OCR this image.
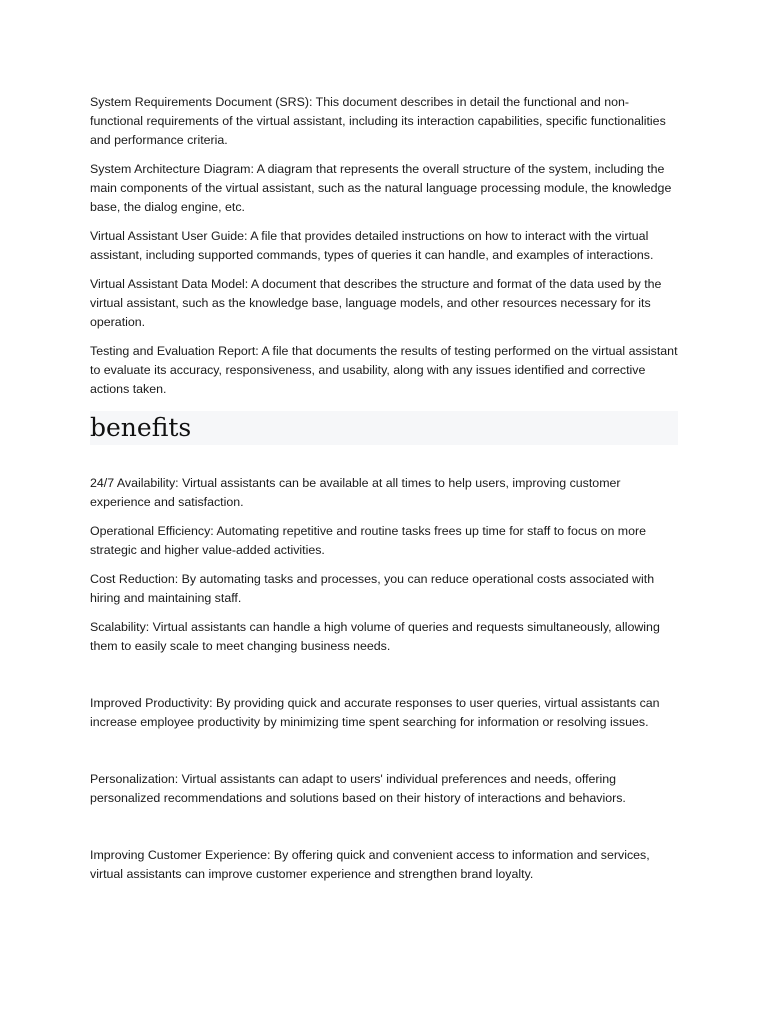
System Requirements Document (SRS): This document describes in detail the functional and non-functional requirements of the virtual assistant, including its interaction capabilities, specific functionalities and performance criteria.

System Architecture Diagram: A diagram that represents the overall structure of the system, including the main components of the virtual assistant, such as the natural language processing module, the knowledge base, the dialog engine, etc.

Virtual Assistant User Guide: A file that provides detailed instructions on how to interact with the virtual assistant, including supported commands, types of queries it can handle, and examples of interactions.

Virtual Assistant Data Model: A document that describes the structure and format of the data used by the virtual assistant, such as the knowledge base, language models, and other resources necessary for its operation.

Testing and Evaluation Report: A file that documents the results of testing performed on the virtual assistant to evaluate its accuracy, responsiveness, and usability, along with any issues identified and corrective actions taken.

benefits

24/7 Availability: Virtual assistants can be available at all times to help users, improving customer experience and satisfaction.

Operational Efficiency: Automating repetitive and routine tasks frees up time for staff to focus on more strategic and higher value-added activities.

Cost Reduction: By automating tasks and processes, you can reduce operational costs associated with hiring and maintaining staff.

Scalability: Virtual assistants can handle a high volume of queries and requests simultaneously, allowing them to easily scale to meet changing business needs.

Improved Productivity: By providing quick and accurate responses to user queries, virtual assistants can increase employee productivity by minimizing time spent searching for information or resolving issues.

Personalization: Virtual assistants can adapt to users' individual preferences and needs, offering personalized recommendations and solutions based on their history of interactions and behaviors.

Improving Customer Experience: By offering quick and convenient access to information and services, virtual assistants can improve customer experience and strengthen brand loyalty.
